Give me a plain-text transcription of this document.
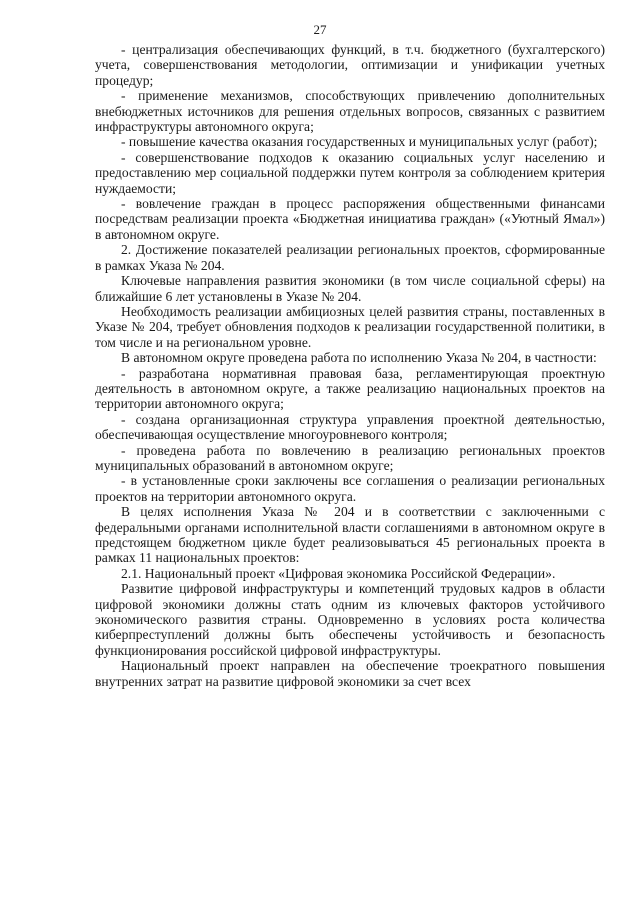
27

- централизация обеспечивающих функций, в т.ч. бюджетного (бухгалтерского) учета, совершенствования методологии, оптимизации и унификации учетных процедур;

- применение механизмов, способствующих привлечению дополнительных внебюджетных источников для решения отдельных вопросов, связанных с развитием инфраструктуры автономного округа;

- повышение качества оказания государственных и муниципальных услуг (работ);

- совершенствование подходов к оказанию социальных услуг населению и предоставлению мер социальной поддержки путем контроля за соблюдением критерия нуждаемости;

- вовлечение граждан в процесс распоряжения общественными финансами посредствам реализации проекта «Бюджетная инициатива граждан» («Уютный Ямал») в автономном округе.

2. Достижение показателей реализации региональных проектов, сформированные в рамках Указа № 204.

Ключевые направления развития экономики (в том числе социальной сферы) на ближайшие 6 лет установлены в Указе № 204.

Необходимость реализации амбициозных целей развития страны, поставленных в Указе № 204, требует обновления подходов к реализации государственной политики, в том числе и на региональном уровне.

В автономном округе проведена работа по исполнению Указа № 204, в частности:

- разработана нормативная правовая база, регламентирующая проектную деятельность в автономном округе, а также реализацию национальных проектов на территории автономного округа;

- создана организационная структура управления проектной деятельностью, обеспечивающая осуществление многоуровневого контроля;

- проведена работа по вовлечению в реализацию региональных проектов муниципальных образований в автономном округе;

- в установленные сроки заключены все соглашения о реализации региональных проектов на территории автономного округа.

В целях исполнения Указа № 204 и в соответствии с заключенными с федеральными органами исполнительной власти соглашениями в автономном округе в предстоящем бюджетном цикле будет реализовываться 45 региональных проекта в рамках 11 национальных проектов:

2.1. Национальный проект «Цифровая экономика Российской Федерации».

Развитие цифровой инфраструктуры и компетенций трудовых кадров в области цифровой экономики должны стать одним из ключевых факторов устойчивого экономического развития страны. Одновременно в условиях роста количества киберпреступлений должны быть обеспечены устойчивость и безопасность функционирования российской цифровой инфраструктуры.

Национальный проект направлен на обеспечение троекратного повышения внутренних затрат на развитие цифровой экономики за счет всех
